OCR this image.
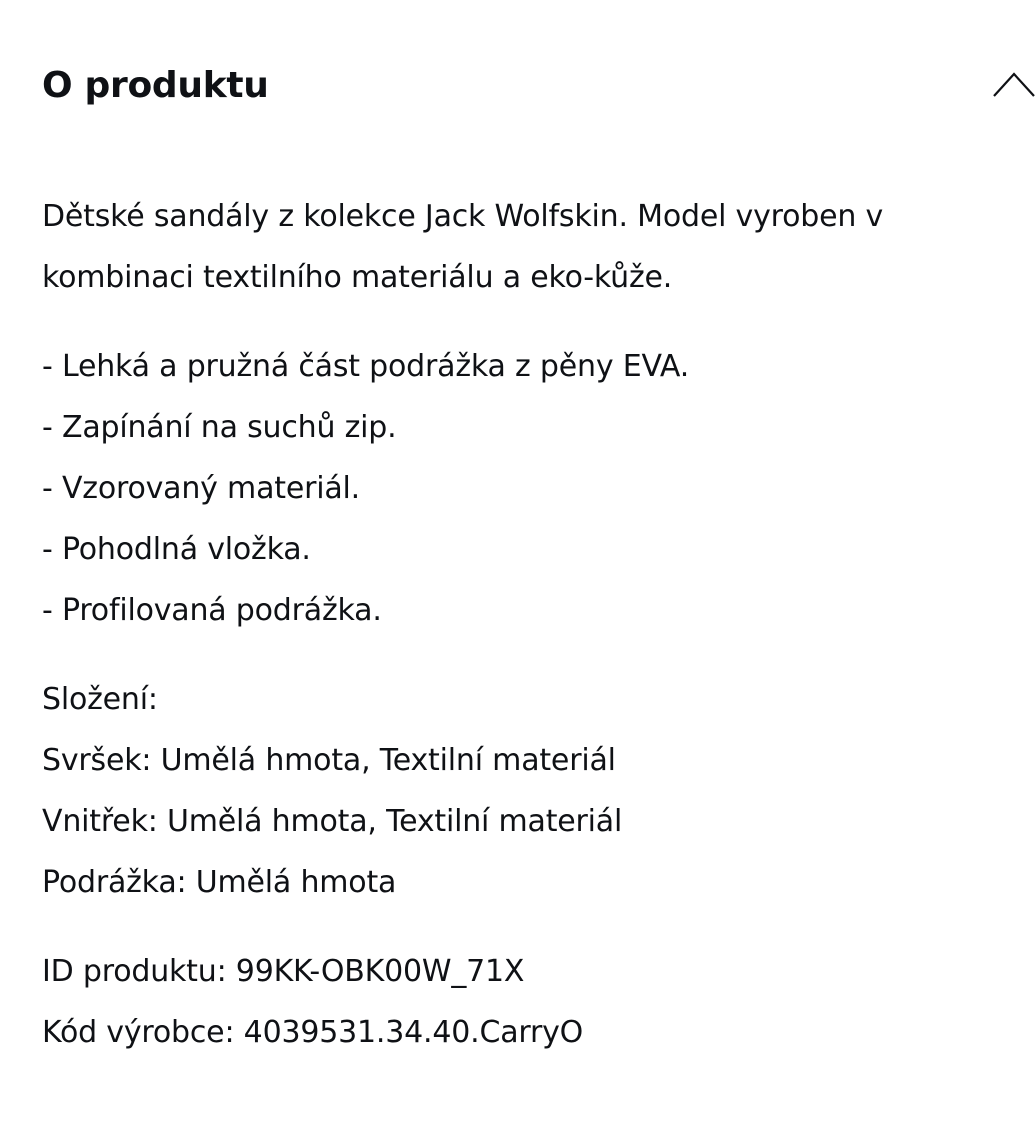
O produktu
Dětské sandály z kolekce Jack Wolfskin. Model vyroben v
kombinaci textilního materiálu a eko-kůže.
- Lehká a pružná část podrážka z pěny EVA.
- Zapínání na suchů zip.
- Vzorovaný materiál.
- Pohodlná vložka.
- Profilovaná podrážka.
Složení:
Svršek: Umělá hmota, Textilní materiál
Vnitřek: Umělá hmota, Textilní materiál
Podrážka: Umělá hmota
ID produktu: 99KK-OBK00W_71X
Kód výrobce: 4039531.34.40.CarryO
